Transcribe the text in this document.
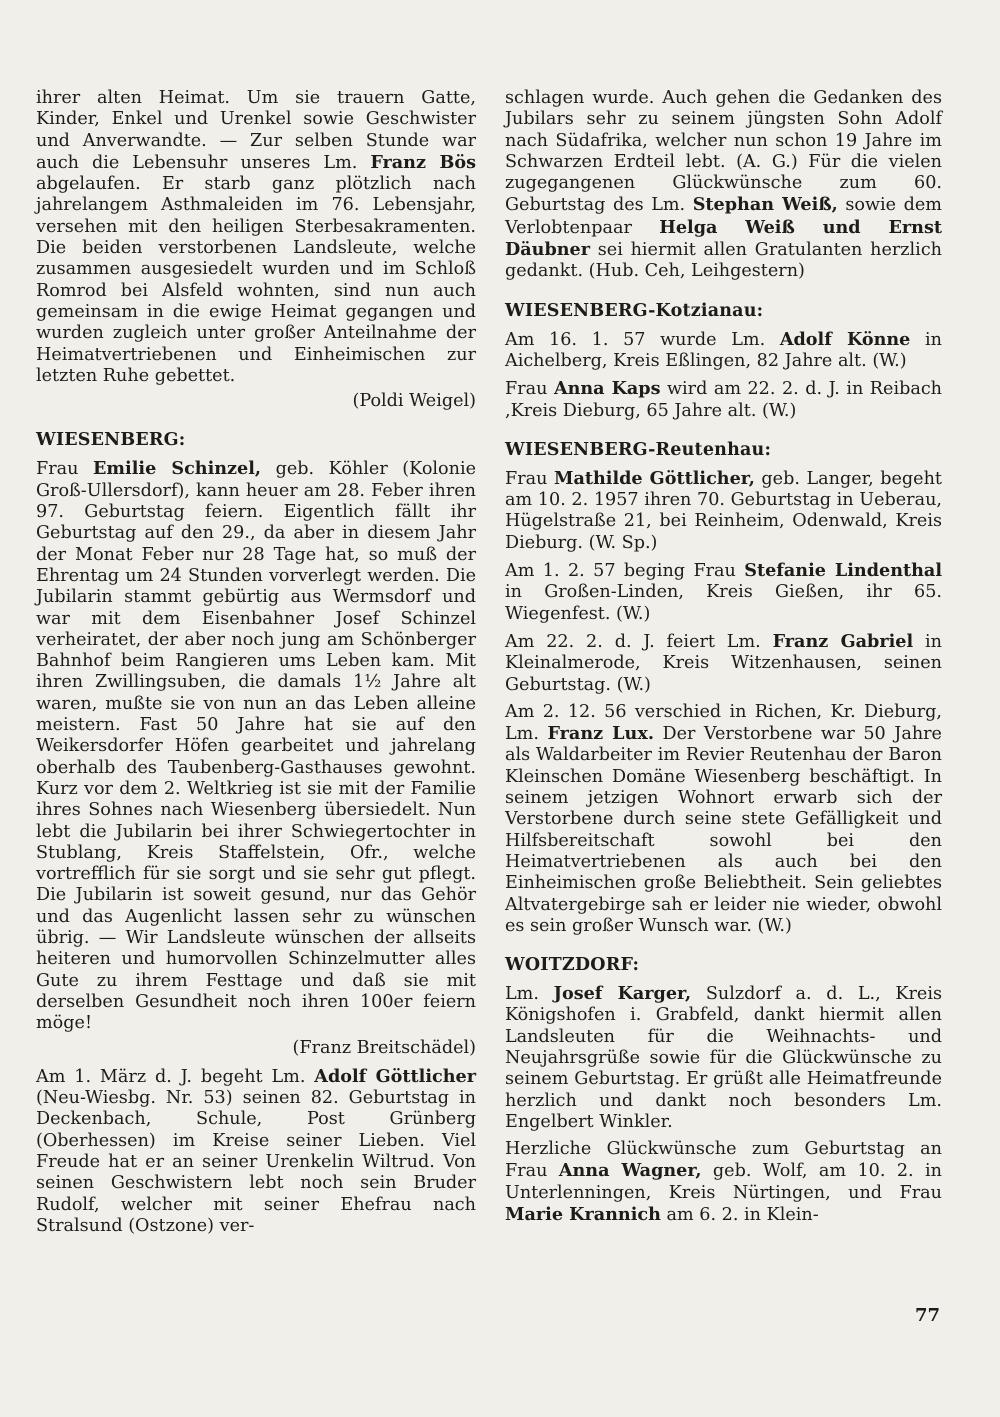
ihrer alten Heimat. Um sie trauern Gatte, Kinder, Enkel und Urenkel sowie Geschwister und Anverwandte. — Zur selben Stunde war auch die Lebensuhr unseres Lm. Franz Bös abgelaufen. Er starb ganz plötzlich nach jahrelangem Asthmaleiden im 76. Lebensjahr, versehen mit den heiligen Sterbesakramenten. Die beiden verstorbenen Landsleute, welche zusammen ausgesiedelt wurden und im Schloß Romrod bei Alsfeld wohnten, sind nun auch gemeinsam in die ewige Heimat gegangen und wurden zugleich unter großer Anteilnahme der Heimatvertriebenen und Einheimischen zur letzten Ruhe gebettet.

(Poldi Weigel)

WIESENBERG:

Frau Emilie Schinzel, geb. Köhler (Kolonie Groß-Ullersdorf), kann heuer am 28. Feber ihren 97. Geburtstag feiern. Eigentlich fällt ihr Geburtstag auf den 29., da aber in diesem Jahr der Monat Feber nur 28 Tage hat, so muß der Ehrentag um 24 Stunden vorverlegt werden. Die Jubilarin stammt gebürtig aus Wermsdorf und war mit dem Eisenbahner Josef Schinzel verheiratet, der aber noch jung am Schönberger Bahnhof beim Rangieren ums Leben kam. Mit ihren Zwillingsuben, die damals 1½ Jahre alt waren, mußte sie von nun an das Leben alleine meistern. Fast 50 Jahre hat sie auf den Weikersdorfer Höfen gearbeitet und jahrelang oberhalb des Taubenberg-Gasthauses gewohnt. Kurz vor dem 2. Weltkrieg ist sie mit der Familie ihres Sohnes nach Wiesenberg übersiedelt. Nun lebt die Jubilarin bei ihrer Schwiegertochter in Stublang, Kreis Staffelstein, Ofr., welche vortrefflich für sie sorgt und sie sehr gut pflegt. Die Jubilarin ist soweit gesund, nur das Gehör und das Augenlicht lassen sehr zu wünschen übrig. — Wir Landsleute wünschen der allseits heiteren und humorvollen Schinzelmutter alles Gute zu ihrem Festtage und daß sie mit derselben Gesundheit noch ihren 100er feiern möge!

(Franz Breitschädel)

Am 1. März d. J. begeht Lm. Adolf Göttlicher (Neu-Wiesbg. Nr. 53) seinen 82. Geburtstag in Deckenbach, Schule, Post Grünberg (Oberhessen) im Kreise seiner Lieben. Viel Freude hat er an seiner Urenkelin Wiltrud. Von seinen Geschwistern lebt noch sein Bruder Rudolf, welcher mit seiner Ehefrau nach Stralsund (Ostzone) ver-

schlagen wurde. Auch gehen die Gedanken des Jubilars sehr zu seinem jüngsten Sohn Adolf nach Südafrika, welcher nun schon 19 Jahre im Schwarzen Erdteil lebt. (A. G.) Für die vielen zugegangenen Glückwünsche zum 60. Geburtstag des Lm. Stephan Weiß, sowie dem Verlobtenpaar Helga Weiß und Ernst Däubner sei hiermit allen Gratulanten herzlich gedankt. (Hub. Ceh, Leihgestern)

WIESENBERG-Kotzianau:

Am 16. 1. 57 wurde Lm. Adolf Könne in Aichelberg, Kreis Eßlingen, 82 Jahre alt. (W.)

Frau Anna Kaps wird am 22. 2. d. J. in Reibach ,Kreis Dieburg, 65 Jahre alt. (W.)

WIESENBERG-Reutenhau:

Frau Mathilde Göttlicher, geb. Langer, begeht am 10. 2. 1957 ihren 70. Geburtstag in Ueberau, Hügelstraße 21, bei Reinheim, Odenwald, Kreis Dieburg. (W. Sp.)

Am 1. 2. 57 beging Frau Stefanie Lindenthal in Großen-Linden, Kreis Gießen, ihr 65. Wiegenfest. (W.)

Am 22. 2. d. J. feiert Lm. Franz Gabriel in Kleinalmerode, Kreis Witzenhausen, seinen Geburtstag. (W.)

Am 2. 12. 56 verschied in Richen, Kr. Dieburg, Lm. Franz Lux. Der Verstorbene war 50 Jahre als Waldarbeiter im Revier Reutenhau der Baron Kleinschen Domäne Wiesenberg beschäftigt. In seinem jetzigen Wohnort erwarb sich der Verstorbene durch seine stete Gefälligkeit und Hilfsbereitschaft sowohl bei den Heimatvertriebenen als auch bei den Einheimischen große Beliebtheit. Sein geliebtes Altvatergebirge sah er leider nie wieder, obwohl es sein großer Wunsch war. (W.)

WOITZDORF:

Lm. Josef Karger, Sulzdorf a. d. L., Kreis Königshofen i. Grabfeld, dankt hiermit allen Landsleuten für die Weihnachts- und Neujahrsgrüße sowie für die Glückwünsche zu seinem Geburtstag. Er grüßt alle Heimatfreunde herzlich und dankt noch besonders Lm. Engelbert Winkler.

Herzliche Glückwünsche zum Geburtstag an Frau Anna Wagner, geb. Wolf, am 10. 2. in Unterlenningen, Kreis Nürtingen, und Frau Marie Krannich am 6. 2. in Klein-

77
